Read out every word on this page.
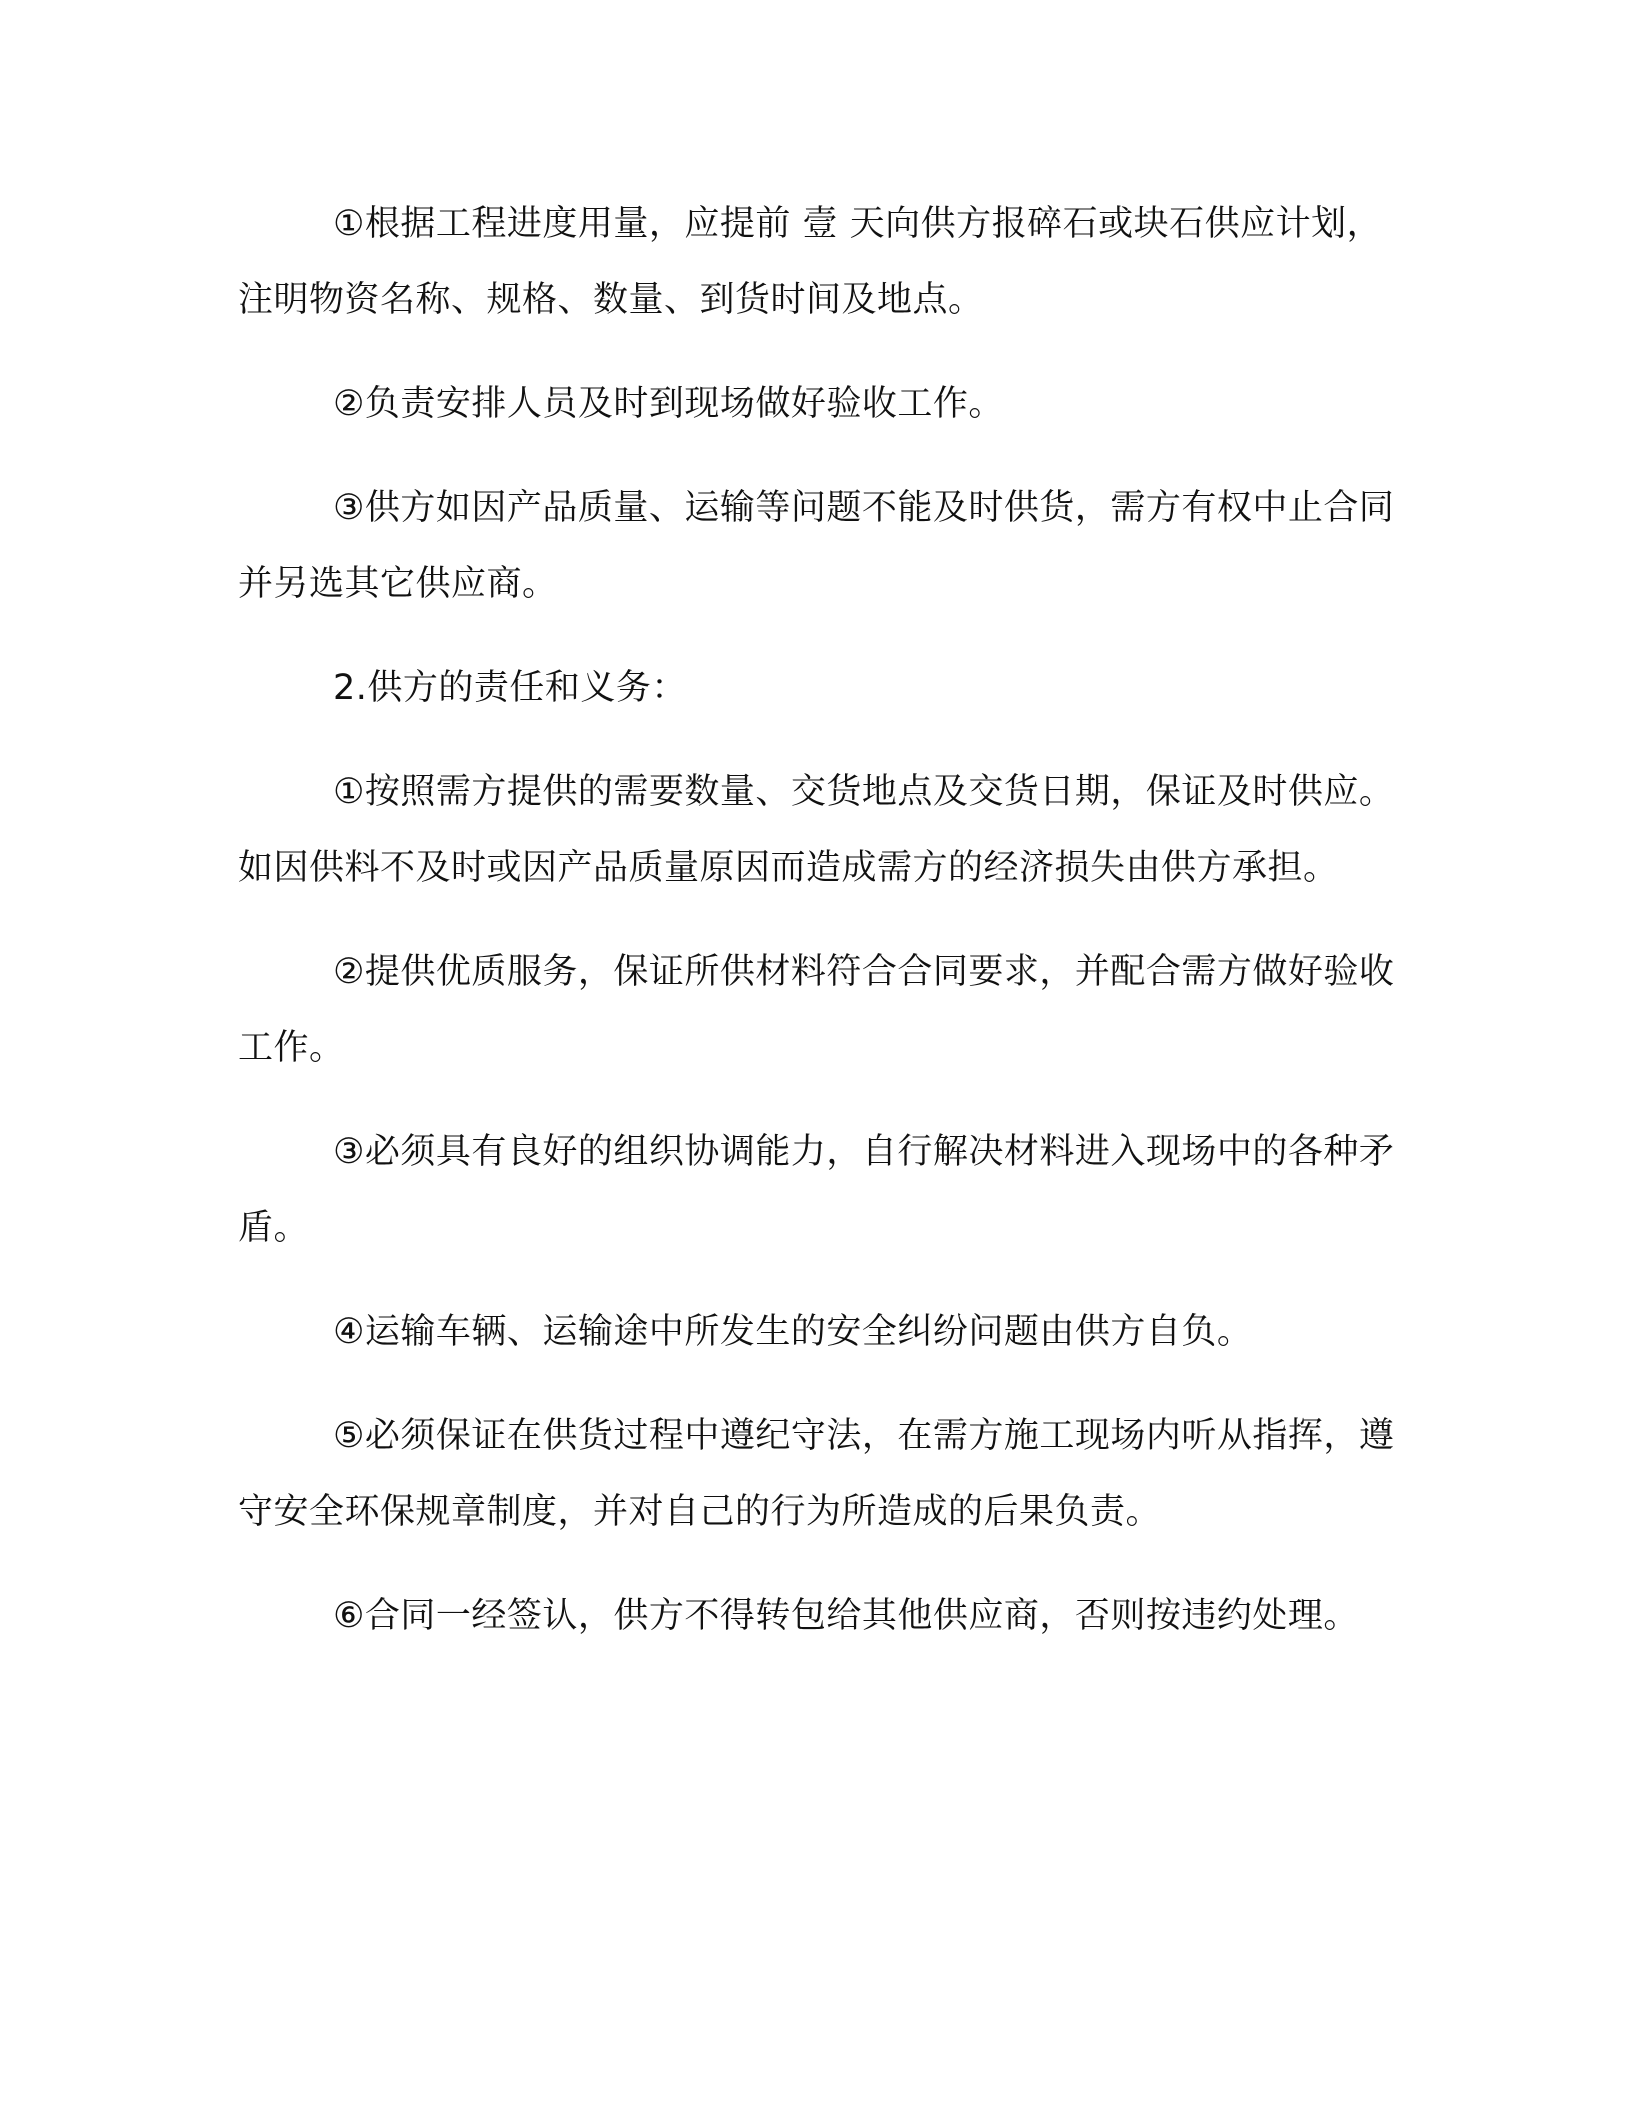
①根据工程进度用量，应提前 壹 天向供方报碎石或块石供应计划，注明物资名称、规格、数量、到货时间及地点。

②负责安排人员及时到现场做好验收工作。

③供方如因产品质量、运输等问题不能及时供货，需方有权中止合同并另选其它供应商。

2.供方的责任和义务：

①按照需方提供的需要数量、交货地点及交货日期，保证及时供应。如因供料不及时或因产品质量原因而造成需方的经济损失由供方承担。

②提供优质服务，保证所供材料符合合同要求，并配合需方做好验收工作。

③必须具有良好的组织协调能力，自行解决材料进入现场中的各种矛盾。

④运输车辆、运输途中所发生的安全纠纷问题由供方自负。

⑤必须保证在供货过程中遵纪守法，在需方施工现场内听从指挥，遵守安全环保规章制度，并对自己的行为所造成的后果负责。

⑥合同一经签认，供方不得转包给其他供应商，否则按违约处理。
